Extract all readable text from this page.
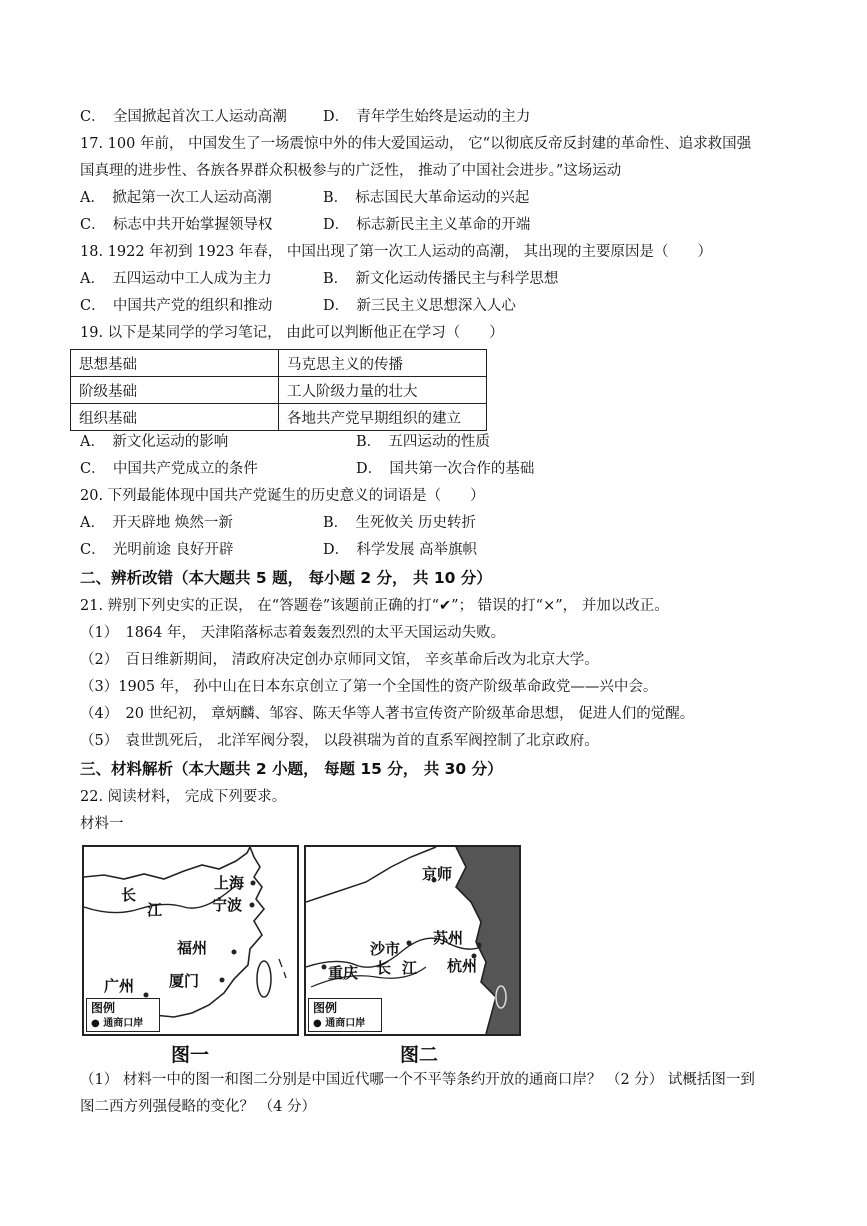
C．　全国掀起首次工人运动高潮 D．　青年学生始终是运动的主力
17. 100 年前， 中国发生了一场震惊中外的伟大爱国运动， 它“以彻底反帝反封建的革命性、追求救国强
国真理的进步性、各族各界群众积极参与的广泛性， 推动了中国社会进步。”这场运动
A．　掀起第一次工人运动高潮	B．　标志国民大革命运动的兴起
C．　标志中共开始掌握领导权	D．　标志新民主主义革命的开端
18. 1922 年初到 1923 年春， 中国出现了第一次工人运动的高潮， 其出现的主要原因是（　　）
A．　五四运动中工人成为主力	B．　新文化运动传播民主与科学思想
C．　中国共产党的组织和推动	D．　新三民主义思想深入人心
19. 以下是某同学的学习笔记， 由此可以判断他正在学习（　　）
思想基础	马克思主义的传播
阶级基础	工人阶级力量的壮大
组织基础	各地共产党早期组织的建立
A．　新文化运动的影响	B．　五四运动的性质
C．　中国共产党成立的条件	D．　国共第一次合作的基础
20. 下列最能体现中国共产党诞生的历史意义的词语是（　　）
A．　开天辟地 焕然一新	B．　生死攸关 历史转折
C．　光明前途 良好开辟	D．　科学发展 高举旗帜
二、辨析改错（本大题共 5 题， 每小题 2 分， 共 10 分）
21. 辨别下列史实的正误， 在“答题卷”该题前正确的打“✔”； 错误的打“×”， 并加以改正。
（1）　1864 年， 天津陷落标志着轰轰烈烈的太平天国运动失败。
（2）　百日维新期间， 清政府决定创办京师同文馆， 辛亥革命后改为北京大学。
（3）1905 年， 孙中山在日本东京创立了第一个全国性的资产阶级革命政党——兴中会。
（4）　20 世纪初， 章炳麟、邹容、陈天华等人著书宣传资产阶级革命思想， 促进人们的觉醒。
（5）　袁世凯死后， 北洋军阀分裂， 以段祺瑞为首的直系军阀控制了北京政府。
三、材料解析（本大题共 2 小题， 每题 15 分， 共 30 分）
22. 阅读材料， 完成下列要求。
材料一
上海
宁波
长
江
福州
厦门
广州
图例
● 通商口岸
图一
京师
苏州
沙市
长 江 杭州
重庆
图例
● 通商口岸
图二
（1） 材料一中的图一和图二分别是中国近代哪一个不平等条约开放的通商口岸？ （2 分） 试概括图一到
图二西方列强侵略的变化？ （4 分）
